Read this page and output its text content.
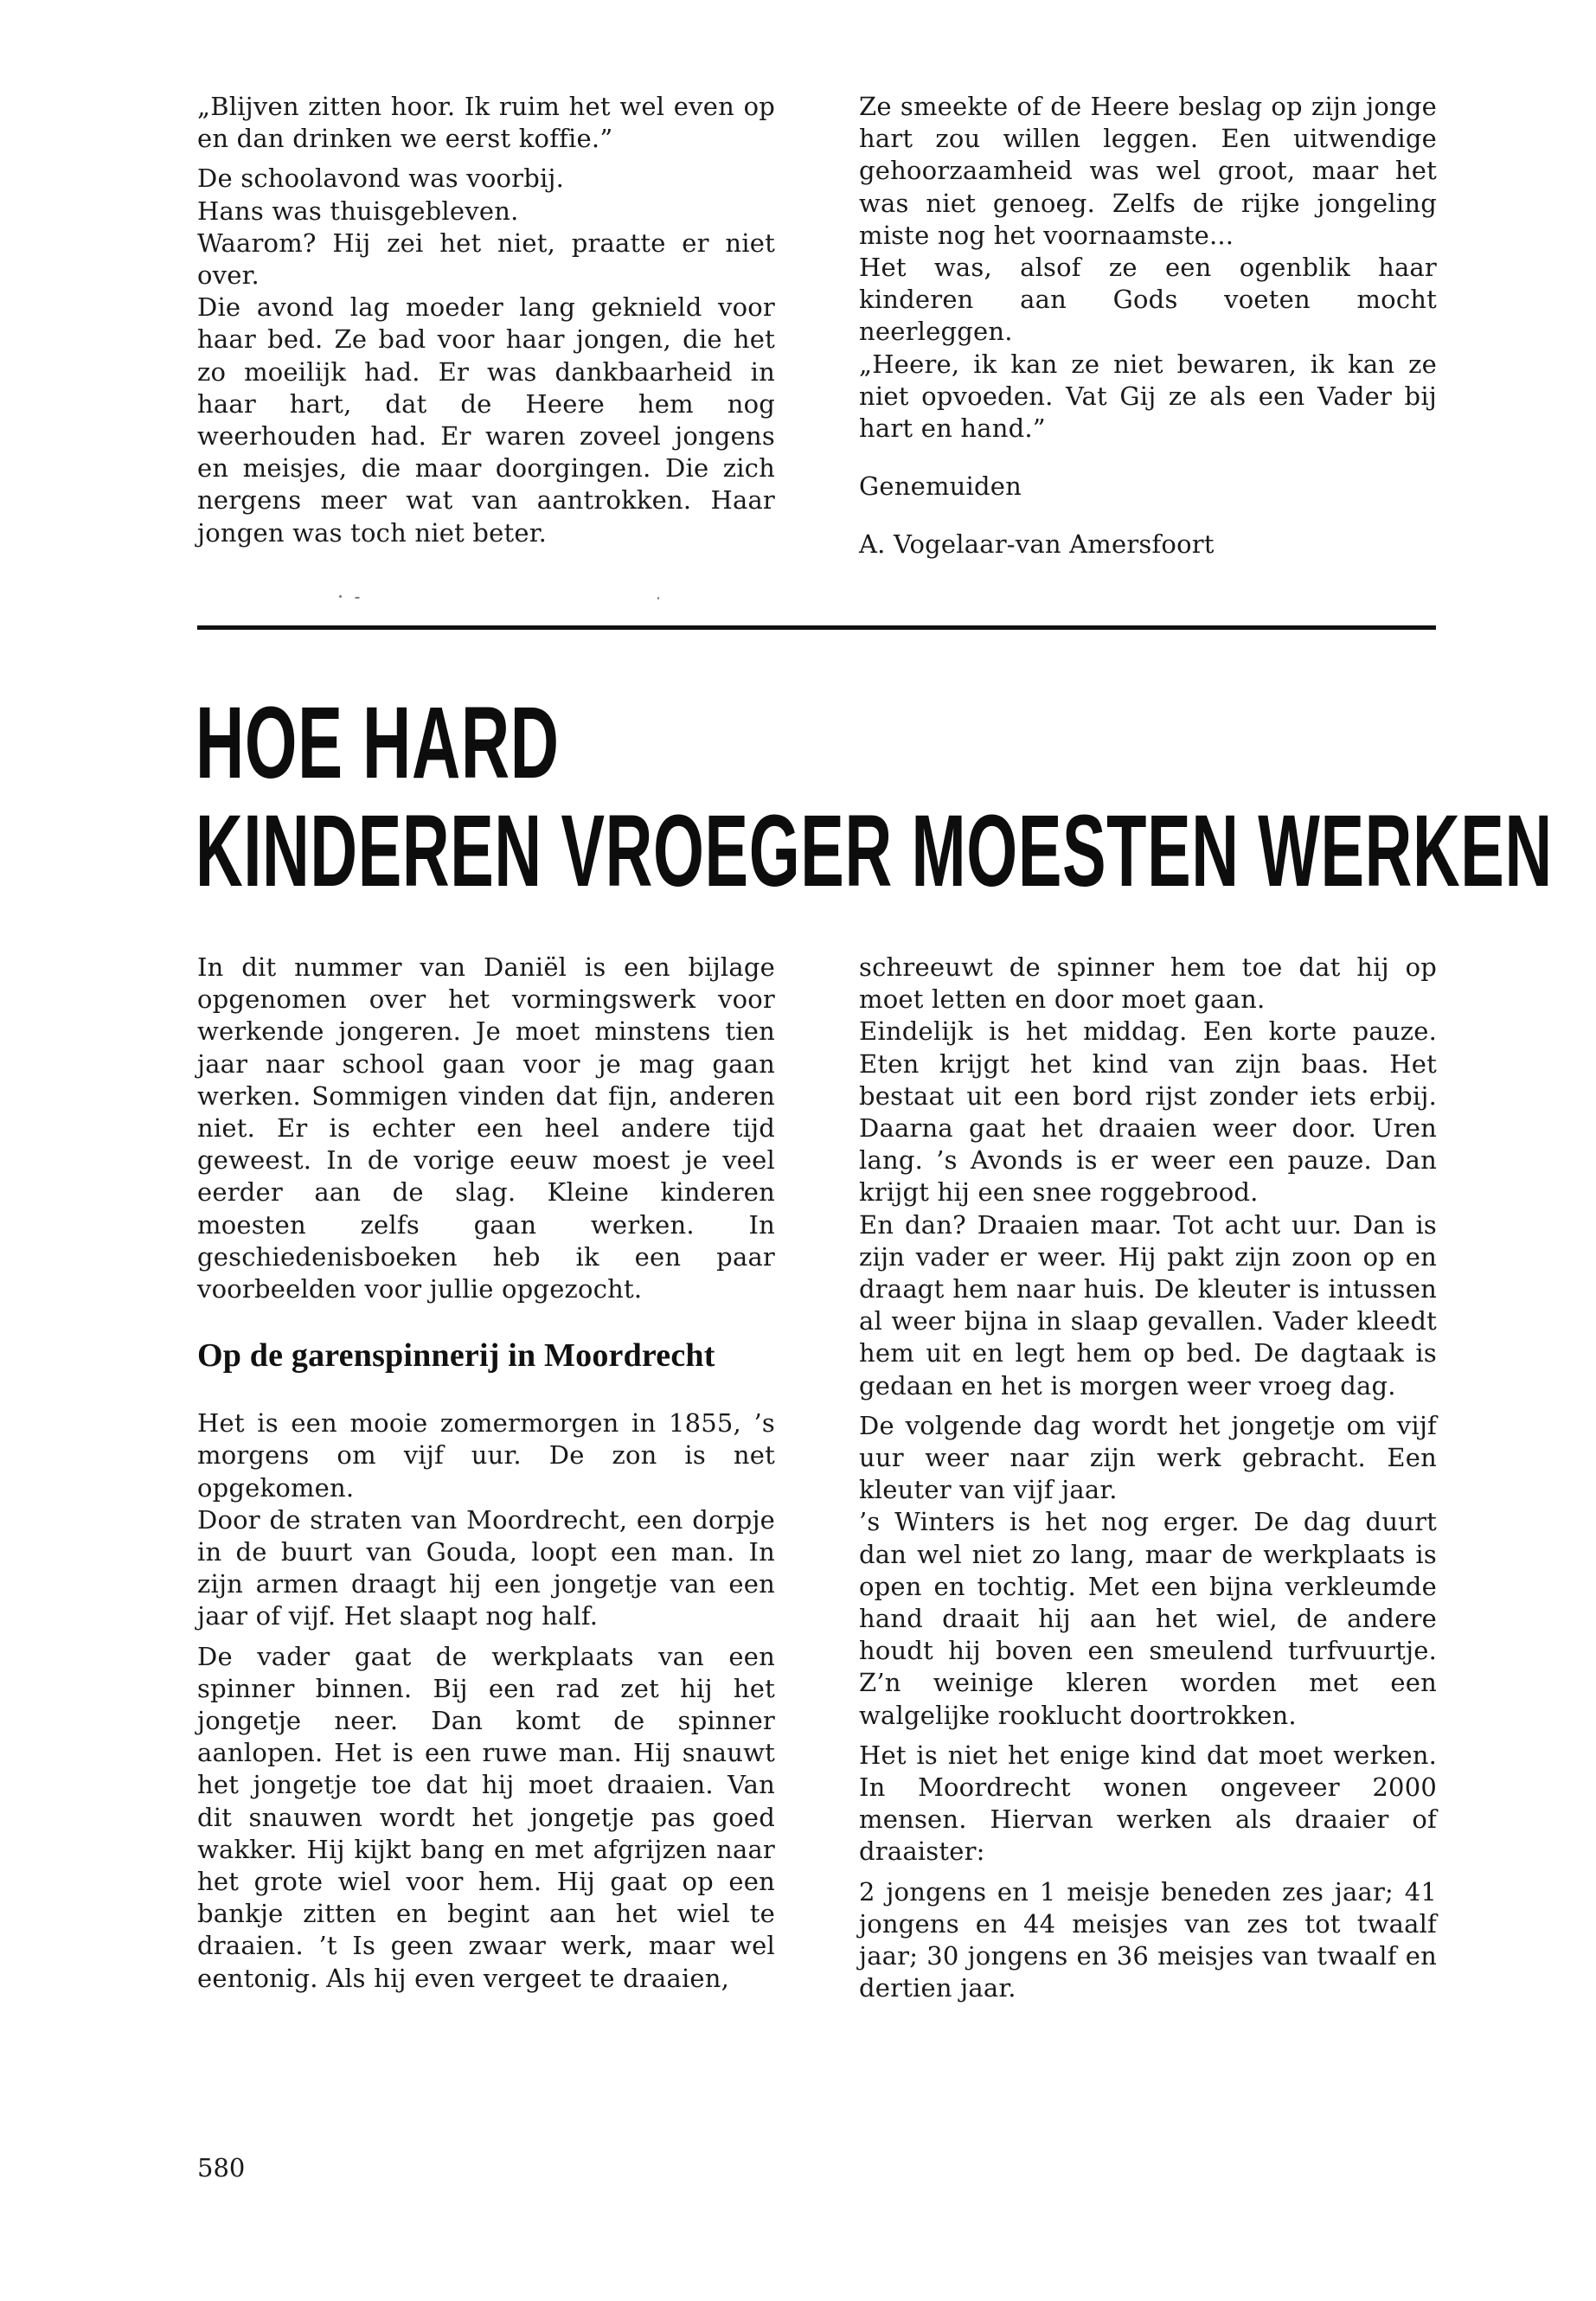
„Blijven zitten hoor. Ik ruim het wel even op en dan drinken we eerst koffie.”

De schoolavond was voorbij.

Hans was thuisgebleven.

Waarom? Hij zei het niet, praatte er niet over.

Die avond lag moeder lang geknield voor haar bed. Ze bad voor haar jongen, die het zo moeilijk had. Er was dankbaarheid in haar hart, dat de Heere hem nog weerhouden had. Er waren zoveel jongens en meisjes, die maar doorgingen. Die zich nergens meer wat van aantrokken. Haar jongen was toch niet beter.

Ze smeekte of de Heere beslag op zijn jonge hart zou willen leggen. Een uitwendige gehoorzaamheid was wel groot, maar het was niet genoeg. Zelfs de rijke jongeling miste nog het voornaamste...

Het was, alsof ze een ogenblik haar kinderen aan Gods voeten mocht neerleggen.

„Heere, ik kan ze niet bewaren, ik kan ze niet opvoeden. Vat Gij ze als een Vader bij hart en hand.”

Genemuiden

A. Vogelaar-van Amersfoort

HOE HARD
KINDEREN VROEGER MOESTEN WERKEN

In dit nummer van Daniël is een bijlage opgenomen over het vormingswerk voor werkende jongeren. Je moet minstens tien jaar naar school gaan voor je mag gaan werken. Sommigen vinden dat fijn, anderen niet. Er is echter een heel andere tijd geweest. In de vorige eeuw moest je veel eerder aan de slag. Kleine kinderen moesten zelfs gaan werken. In geschiedenisboeken heb ik een paar voorbeelden voor jullie opgezocht.

Op de garenspinnerij in Moordrecht

Het is een mooie zomermorgen in 1855, ’s morgens om vijf uur. De zon is net opgekomen.

Door de straten van Moordrecht, een dorpje in de buurt van Gouda, loopt een man. In zijn armen draagt hij een jongetje van een jaar of vijf. Het slaapt nog half.

De vader gaat de werkplaats van een spinner binnen. Bij een rad zet hij het jongetje neer. Dan komt de spinner aanlopen. Het is een ruwe man. Hij snauwt het jongetje toe dat hij moet draaien. Van dit snauwen wordt het jongetje pas goed wakker. Hij kijkt bang en met afgrijzen naar het grote wiel voor hem. Hij gaat op een bankje zitten en begint aan het wiel te draaien. ’t Is geen zwaar werk, maar wel eentonig. Als hij even vergeet te draaien,

schreeuwt de spinner hem toe dat hij op moet letten en door moet gaan.

Eindelijk is het middag. Een korte pauze. Eten krijgt het kind van zijn baas. Het bestaat uit een bord rijst zonder iets erbij. Daarna gaat het draaien weer door. Uren lang. ’s Avonds is er weer een pauze. Dan krijgt hij een snee roggebrood.

En dan? Draaien maar. Tot acht uur. Dan is zijn vader er weer. Hij pakt zijn zoon op en draagt hem naar huis. De kleuter is intussen al weer bijna in slaap gevallen. Vader kleedt hem uit en legt hem op bed. De dagtaak is gedaan en het is morgen weer vroeg dag.

De volgende dag wordt het jongetje om vijf uur weer naar zijn werk gebracht. Een kleuter van vijf jaar.

’s Winters is het nog erger. De dag duurt dan wel niet zo lang, maar de werkplaats is open en tochtig. Met een bijna verkleumde hand draait hij aan het wiel, de andere houdt hij boven een smeulend turfvuurtje. Z’n weinige kleren worden met een walgelijke rooklucht doortrokken.

Het is niet het enige kind dat moet werken. In Moordrecht wonen ongeveer 2000 mensen. Hiervan werken als draaier of draaister:

2 jongens en 1 meisje beneden zes jaar; 41 jongens en 44 meisjes van zes tot twaalf jaar; 30 jongens en 36 meisjes van twaalf en dertien jaar.

580
